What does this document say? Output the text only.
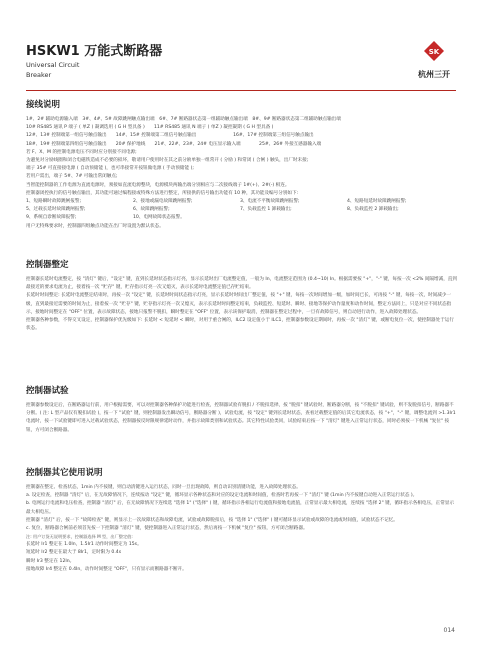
HSKW1 万能式断路器
Universal Circuit
Breaker
SK
杭州三开
接线说明
1#、2# 辅助电源输入端　3#、4#、5# 故障跳闸触点输出端　6#、7# 断路器状态第一组辅助触点输出端　8#、9# 断路器状态第二组辅助触点输出端
10# RS485 通讯 P 端子 ( 单Z ) 凝调选用 ( G H 型具备 )　　11# RS485 通讯 N 端子 ( 单Z ) 凝控凝期 ( G H 型具备 )
12#、13# 控制端第一组信号触点输出　　14#、15# 控制端第二组信号触点输出　　　　　　　　16#、17# 控制端第三组信号触点输出
18#、19# 控制端第四组信号触点输出　　20# 保护地线　　21#、22#、23#、24# 电压显示输入端　　　　25#、26# 外接互感器输入端
若 F、X、M 的控制电源电压不同时应分别接不同电源;
为避免对分励线圈和闭合电磁铁造成不必要的损坏，敬请用户使用时在其之前分励单独一组常开 ( 分励 ) 和常闭 ( 合闸 ) 触头，出厂时未接;
端子 35# 可直接接电源 ( 自动预储能 )，也可串接常开按钮做电源 ( 手动预储能 );
若用户需出，端子 5#、7# 可输出常闭触点;
当智能控制器的工作电源为直流电源时，须接如直流电源整块，电源模块两输出端分别相应与二次接线端子 1#(+)、2#(-) 相连。
控制器闭控执行的信号触点输出，其功能可通过编程接或特殊方法进行整定，所接供的信号输出功能有 10 种，其功能及编号分别如下:
1、短路瞬时故障跳闸报警;	2、接地或漏电故障跳闸报警;	3、电流不平衡故障跳闸报警;	4、短路短延时故障跳闸报警;
5、过载长延时故障跳闸报警;	6、故障跳闸报警;	7、负载监控 1 卸载输出;	8、负载监控 2 卸载输出;
9、系统自诊断故障报警;	10、电网故障状态报警。
用户无特殊要求时，控制器四组触点功能在出厂时设置为默认状态。
控制器整定
控制器长延时电流整定，按 "清灯" 键后，"设定" 键，直到长延时状态指示灯亮，显示长延时出厂电流整定值，一般为 In，电流整定范围为 (0.4~10) In。根据需要按 "+"，"-" 键，每按一次 <2% 间隔增减，直到最接近的要求电流为止，接着按一次 "贮存" 键，贮存指示灯亮一次又熄灭，表示长延时电流整定值已存贮结束。
长延时时间整定: 长延时电流整定结束时，再按一次 "设定" 键，长延时时间状态指示灯亮，显示长延时时间出厂整定值，按 "+" 键，每按一次时间增加一级，加时间已长，可再按 "-" 键，每按一次，时间减少一级，直到最接近需要的时间为止，接着按一次 "贮存" 键，贮存指示灯亮一次又熄灭，表示长延时时间整定结束，负载监控、短延时、瞬时、接地等保护动作量度和动作时间，整定方法同上，只是对应不同状态指示，接地时间整定在 "OFF" 位置，表示故障状态，接地只报警不脱扣，瞬时整定在 "OFF" 位置，表示该保护取消，控制器在整定过程中，一旦有故障信号，则自动进行动作，进入故障处理状态。
控制器各种参数，不得交叉设定，控制器保护优先级如下: 长延时 < 短延时 < 瞬时，对用于重合闸的，ILC2 设定值小于 ILC1，控制器参数设定期间时，再按一次 "清灯" 键，或断电复位一次，使控制器处于运行状态。
控制器试验
控制器参数设定后，在断路器运行前，用户根据需要，可以对控制器各种保护功能进行检查，控制器试验有脱扣 / 不脱扣选择，按 "脱扣" 键试验时，断路器分断，按 "不脱扣" 键试验，则不发脱扣信号，断路器不分断。( 注: L 型产品仅有脱扣试验 )，按一下 "试验" 键，则控制器发出瞬动信号，断路器分断 )，试验电流，按 "设定" 键到长延时状态，查看过载整定值的后其它电流状态，按 "+"，"-" 键，调整电流到 >1.3Ir1 电流时，按一下试验键即可进入过载试验状态，控制器按反时限规律延时动作，并指示故障类别和试验状态。其它特性试验类同，试验结束后按一下 "清灯" 键进入正常运行状态，同时必须按一下机械 "复位" 按钮，方可闭合断路器。
控制器其它使用说明
控制器在整定、检查状态，1min 内不按键，则自动清键进入运行状态，同时一旦出现故障，则自动识别清键功能，进入故障处理状态。
a. 设定检查，控制器 "清灯" 后，在无故障情况下，连续按动 "设定" 键，循环显示各种状态和对应的设定电流和时间值，检查时若再按一下 "清灯" 键 (1min 内不按键自动进入正常运行状态 )。
b. 电网运行电流和电压检查，控制器 "清灯" 后，在无故障情况下连续选 "选择 1" ("选择" ) 键，循环指示各相运行电流值和接地电流值，正常显示最大相电流，连续按 "选择 2" 键，循环指示各相电压，正常显示最大相电压。
控制器 "清灯" 后，按一下 "故障检查" 键，则显示上一次故障状态和故障电流，试验或故障脱扣后，按 "选择 1" ("选择" ) 键可循环显示试验或故障的电流或时间值，试验状态不记忆。
c. 复位，断路器合闸前必须首先按一下控制器 "清灯" 键，使控制器进入正常运行状态，然后再按一下机械 "复位" 按钮，方可闭合断路器。
注: 用户订货无说明要求，控制器选择 M 型，出厂整定值:
长延时 Ir1 整定在 1.0In，1.5Ir1 动作时间整定为 15s。
短延时 Ir2 整定在最大于 8Ir1，定时限为 0.4s
瞬时 Ir3 整定在 12In。
接地故障 Ir4 整定在 0.4In，动作时间整定 "OFF"，只有显示而断路器不断开。
014
